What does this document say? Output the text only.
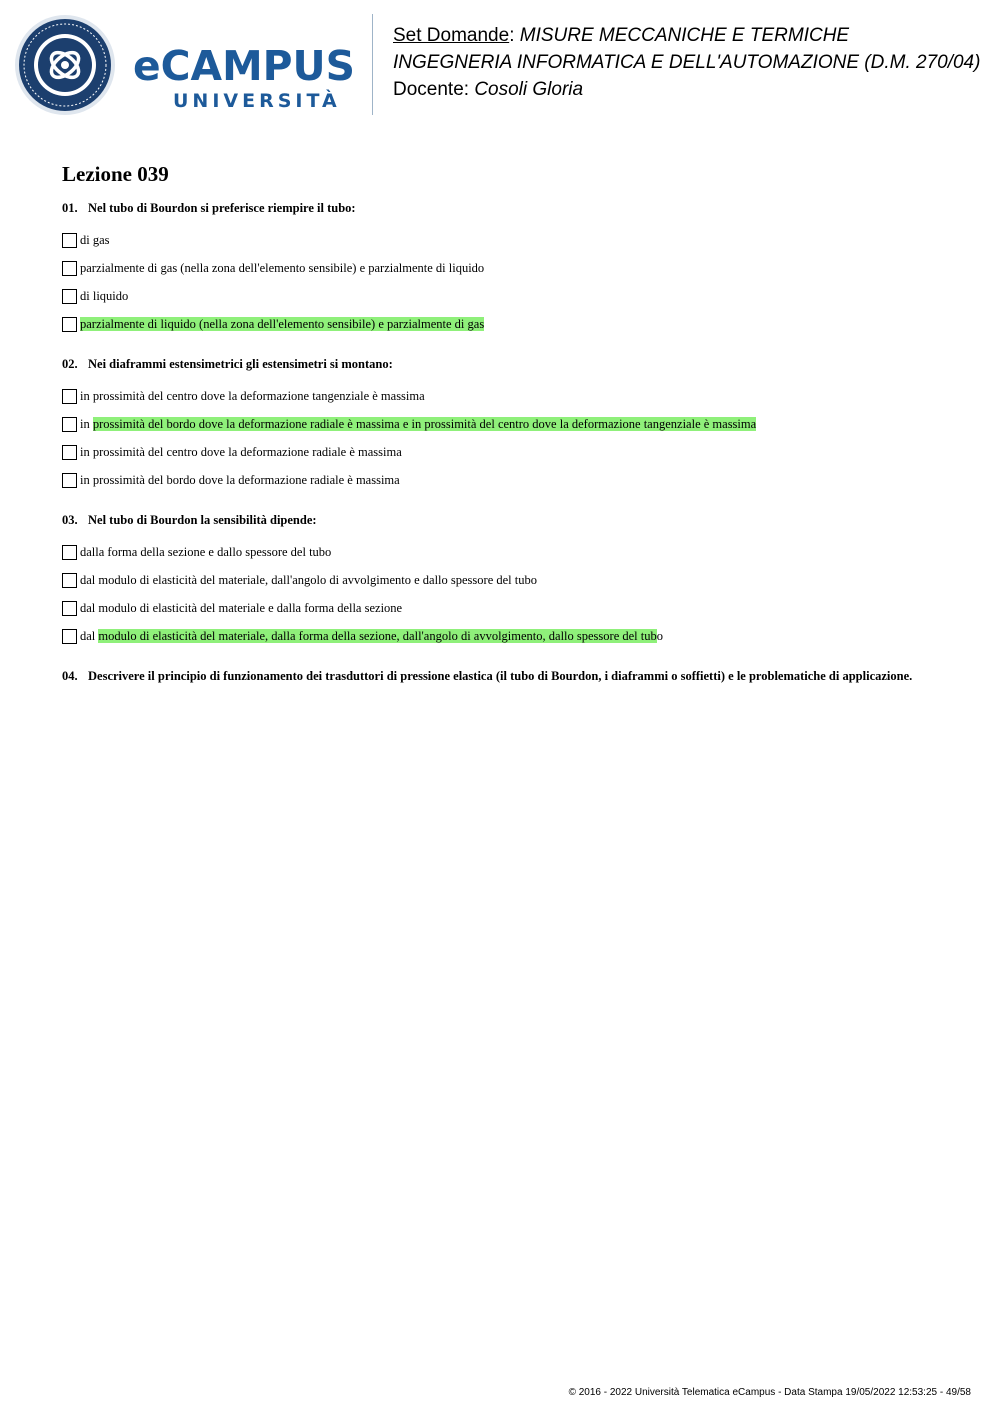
eCAMPUS
UNIVERSITÀ
Set Domande: MISURE MECCANICHE E TERMICHE
INGEGNERIA INFORMATICA E DELL'AUTOMAZIONE (D.M. 270/04)
Docente: Cosoli Gloria
Lezione 039
01. Nel tubo di Bourdon si preferisce riempire il tubo:
di gas
parzialmente di gas (nella zona dell'elemento sensibile) e parzialmente di liquido
di liquido
parzialmente di liquido (nella zona dell'elemento sensibile) e parzialmente di gas
02. Nei diaframmi estensimetrici gli estensimetri si montano:
in prossimità del centro dove la deformazione tangenziale è massima
in prossimità del bordo dove la deformazione radiale è massima e in prossimità del centro dove la deformazione tangenziale è massima
in prossimità del centro dove la deformazione radiale è massima
in prossimità del bordo dove la deformazione radiale è massima
03. Nel tubo di Bourdon la sensibilità dipende:
dalla forma della sezione e dallo spessore del tubo
dal modulo di elasticità del materiale, dall'angolo di avvolgimento e dallo spessore del tubo
dal modulo di elasticità del materiale e dalla forma della sezione
dal modulo di elasticità del materiale, dalla forma della sezione, dall'angolo di avvolgimento, dallo spessore del tubo
04. Descrivere il principio di funzionamento dei trasduttori di pressione elastica (il tubo di Bourdon, i diaframmi o soffietti) e le problematiche di applicazione.
© 2016 - 2022 Università Telematica eCampus - Data Stampa 19/05/2022 12:53:25 - 49/58
